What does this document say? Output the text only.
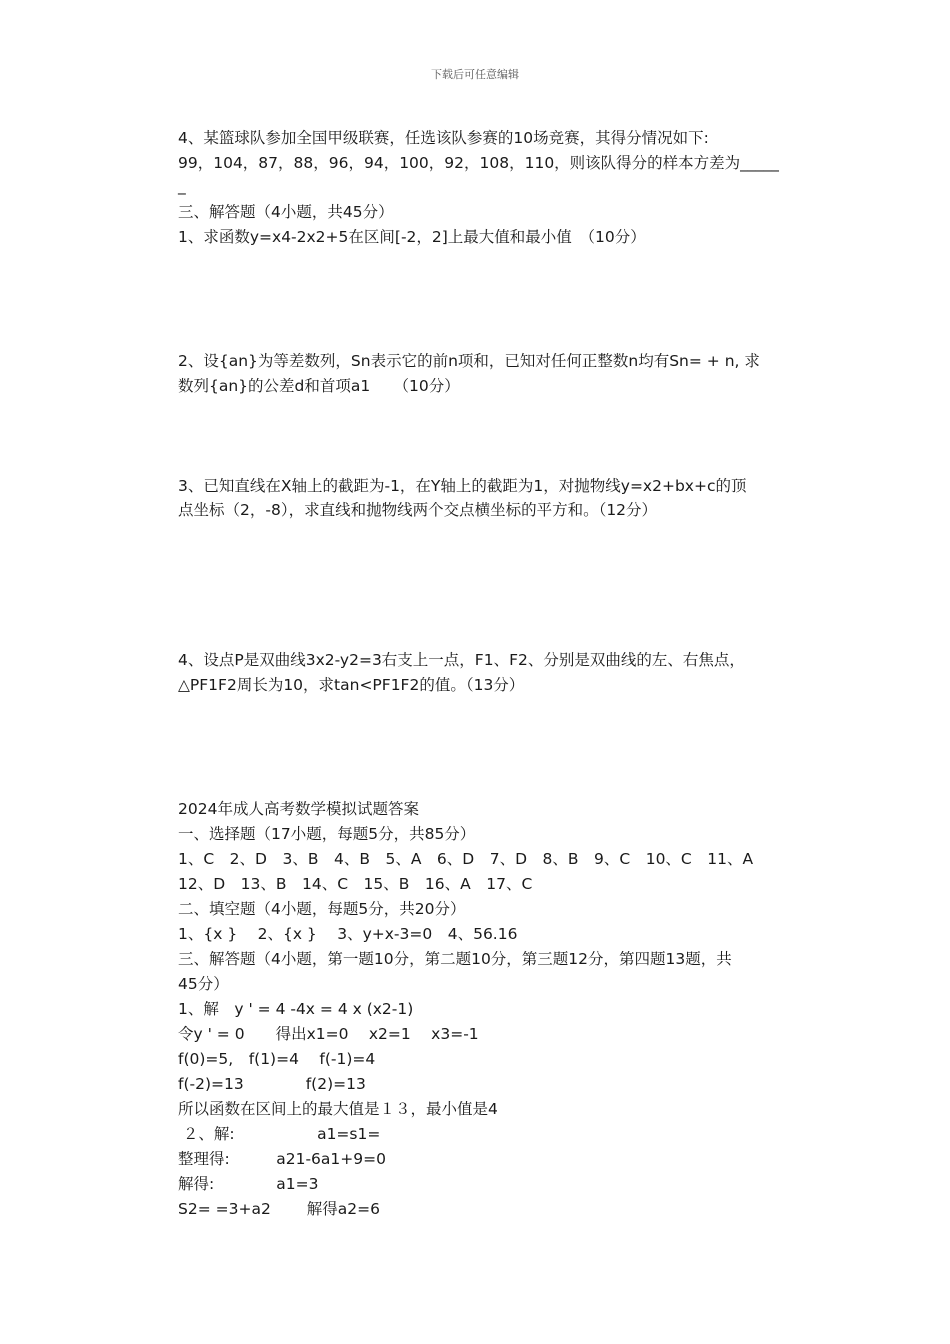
下载后可任意编辑
4、某篮球队参加全国甲级联赛，任选该队参赛的10场竞赛，其得分情况如下:
99，104，87，88，96，94，100，92，108，110，则该队得分的样本方差为_____
_
三、解答题（4小题，共45分）
1、求函数y=x4-2x2+5在区间[-2，2]上最大值和最小值　（10分）
2、设{an}为等差数列，Sn表示它的前n项和，已知对任何正整数n均有Sn= + n, 求
数列{an}的公差d和首项a1　　（10分）
3、已知直线在X轴上的截距为-1，在Y轴上的截距为1，对抛物线y=x2+bx+c的顶
点坐标（2，-8），求直线和抛物线两个交点横坐标的平方和。（12分）
4、设点P是双曲线3x2-y2=3右支上一点，F1、F2、分别是双曲线的左、右焦点，
△PF1F2周长为10，求tan<PF1F2的值。（13分）
2024年成人高考数学模拟试题答案
一、选择题（17小题，每题5分，共85分）
1、C　2、D　3、B　4、B　5、A　6、D　7、D　8、B　9、C　10、C　11、A
12、D　13、B　14、C　15、B　16、A　17、C
二、填空题（4小题，每题5分，共20分）
1、{x }　 2、{x }　 3、y+x-3=0　4、56.16
三、解答题（4小题，第一题10分，第二题10分，第三题12分，第四题13题，共
45分）
1、解　y ' = 4 -4x = 4 x (x2-1)
令y ' = 0　　得出x1=0　 x2=1　 x3=-1
f(0)=5,　f(1)=4　 f(-1)=4
f(-2)=13　　　　f(2)=13
所以函数在区间上的最大值是１３，最小值是4
２、解:　　　　　 a1=s1=
整理得:　　　a21-6a1+9=0
解得:　　　　a1=3
S2= =3+a2　　 解得a2=6
